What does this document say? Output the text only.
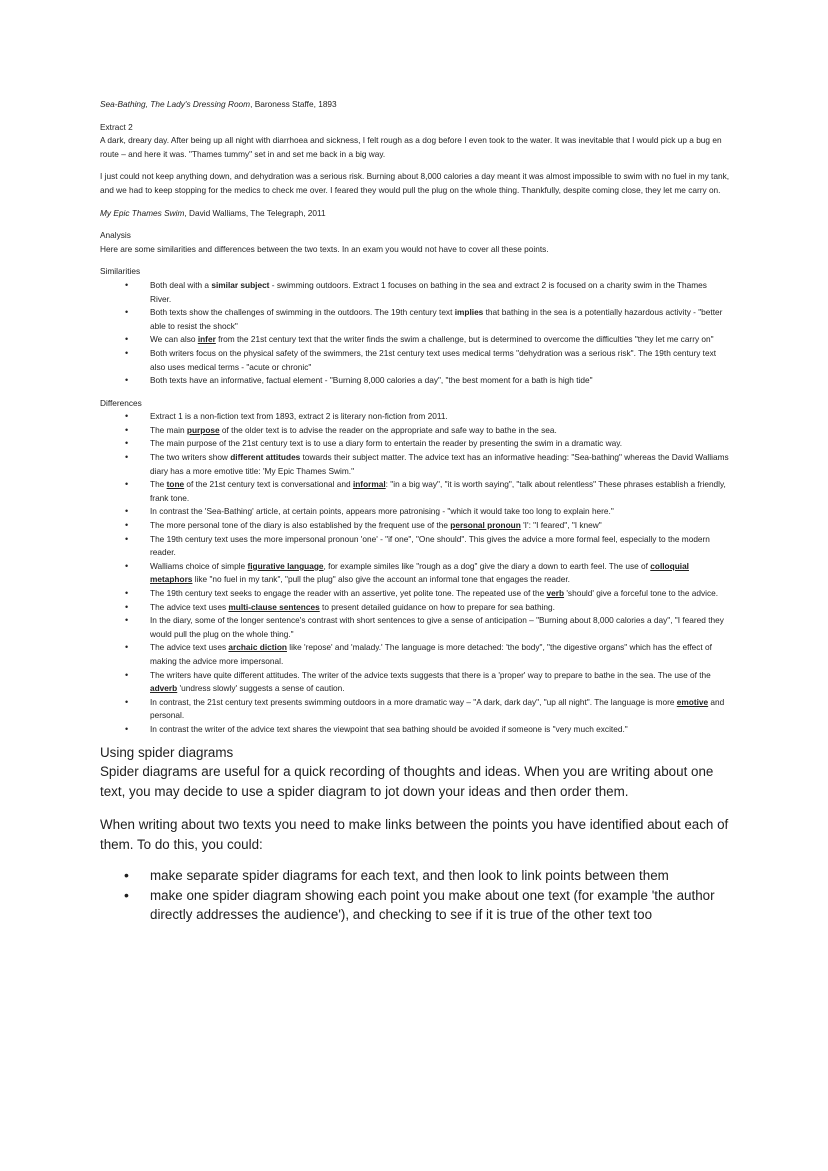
Sea-Bathing, The Lady's Dressing Room, Baroness Staffe, 1893

Extract 2

A dark, dreary day. After being up all night with diarrhoea and sickness, I felt rough as a dog before I even took to the water. It was inevitable that I would pick up a bug en route – and here it was. "Thames tummy" set in and set me back in a big way.

I just could not keep anything down, and dehydration was a serious risk. Burning about 8,000 calories a day meant it was almost impossible to swim with no fuel in my tank, and we had to keep stopping for the medics to check me over. I feared they would pull the plug on the whole thing. Thankfully, despite coming close, they let me carry on.

My Epic Thames Swim, David Walliams, The Telegraph, 2011

Analysis

Here are some similarities and differences between the two texts. In an exam you would not have to cover all these points.

Similarities

• Both deal with a similar subject - swimming outdoors. Extract 1 focuses on bathing in the sea and extract 2 is focused on a charity swim in the Thames River.
• Both texts show the challenges of swimming in the outdoors. The 19th century text implies that bathing in the sea is a potentially hazardous activity - "better able to resist the shock"
• We can also infer from the 21st century text that the writer finds the swim a challenge, but is determined to overcome the difficulties "they let me carry on"
• Both writers focus on the physical safety of the swimmers, the 21st century text uses medical terms "dehydration was a serious risk". The 19th century text also uses medical terms - "acute or chronic"
• Both texts have an informative, factual element - "Burning 8,000 calories a day", "the best moment for a bath is high tide"

Differences

• Extract 1 is a non-fiction text from 1893, extract 2 is literary non-fiction from 2011.
• The main purpose of the older text is to advise the reader on the appropriate and safe way to bathe in the sea.
• The main purpose of the 21st century text is to use a diary form to entertain the reader by presenting the swim in a dramatic way.
• The two writers show different attitudes towards their subject matter. The advice text has an informative heading: "Sea-bathing" whereas the David Walliams diary has a more emotive title: 'My Epic Thames Swim."
• The tone of the 21st century text is conversational and informal: "in a big way", "it is worth saying", "talk about relentless" These phrases establish a friendly, frank tone.
• In contrast the 'Sea-Bathing' article, at certain points, appears more patronising - "which it would take too long to explain here."
• The more personal tone of the diary is also established by the frequent use of the personal pronoun 'I': "I feared", "I knew"
• The 19th century text uses the more impersonal pronoun 'one' - "if one", "One should". This gives the advice a more formal feel, especially to the modern reader.
• Walliams choice of simple figurative language, for example similes like "rough as a dog" give the diary a down to earth feel. The use of colloquial metaphors like "no fuel in my tank", "pull the plug" also give the account an informal tone that engages the reader.
• The 19th century text seeks to engage the reader with an assertive, yet polite tone. The repeated use of the verb 'should' give a forceful tone to the advice.
• The advice text uses multi-clause sentences to present detailed guidance on how to prepare for sea bathing.
• In the diary, some of the longer sentence's contrast with short sentences to give a sense of anticipation – "Burning about 8,000 calories a day", "I feared they would pull the plug on the whole thing."
• The advice text uses archaic diction like 'repose' and 'malady.' The language is more detached: 'the body", "the digestive organs" which has the effect of making the advice more impersonal.
• The writers have quite different attitudes. The writer of the advice texts suggests that there is a 'proper' way to prepare to bathe in the sea. The use of the adverb 'undress slowly' suggests a sense of caution.
• In contrast, the 21st century text presents swimming outdoors in a more dramatic way – "A dark, dark day", "up all night". The language is more emotive and personal.
• In contrast the writer of the advice text shares the viewpoint that sea bathing should be avoided if someone is "very much excited."

Using spider diagrams

Spider diagrams are useful for a quick recording of thoughts and ideas. When you are writing about one text, you may decide to use a spider diagram to jot down your ideas and then order them.

When writing about two texts you need to make links between the points you have identified about each of them. To do this, you could:

• make separate spider diagrams for each text, and then look to link points between them
• make one spider diagram showing each point you make about one text (for example 'the author directly addresses the audience'), and checking to see if it is true of the other text too
